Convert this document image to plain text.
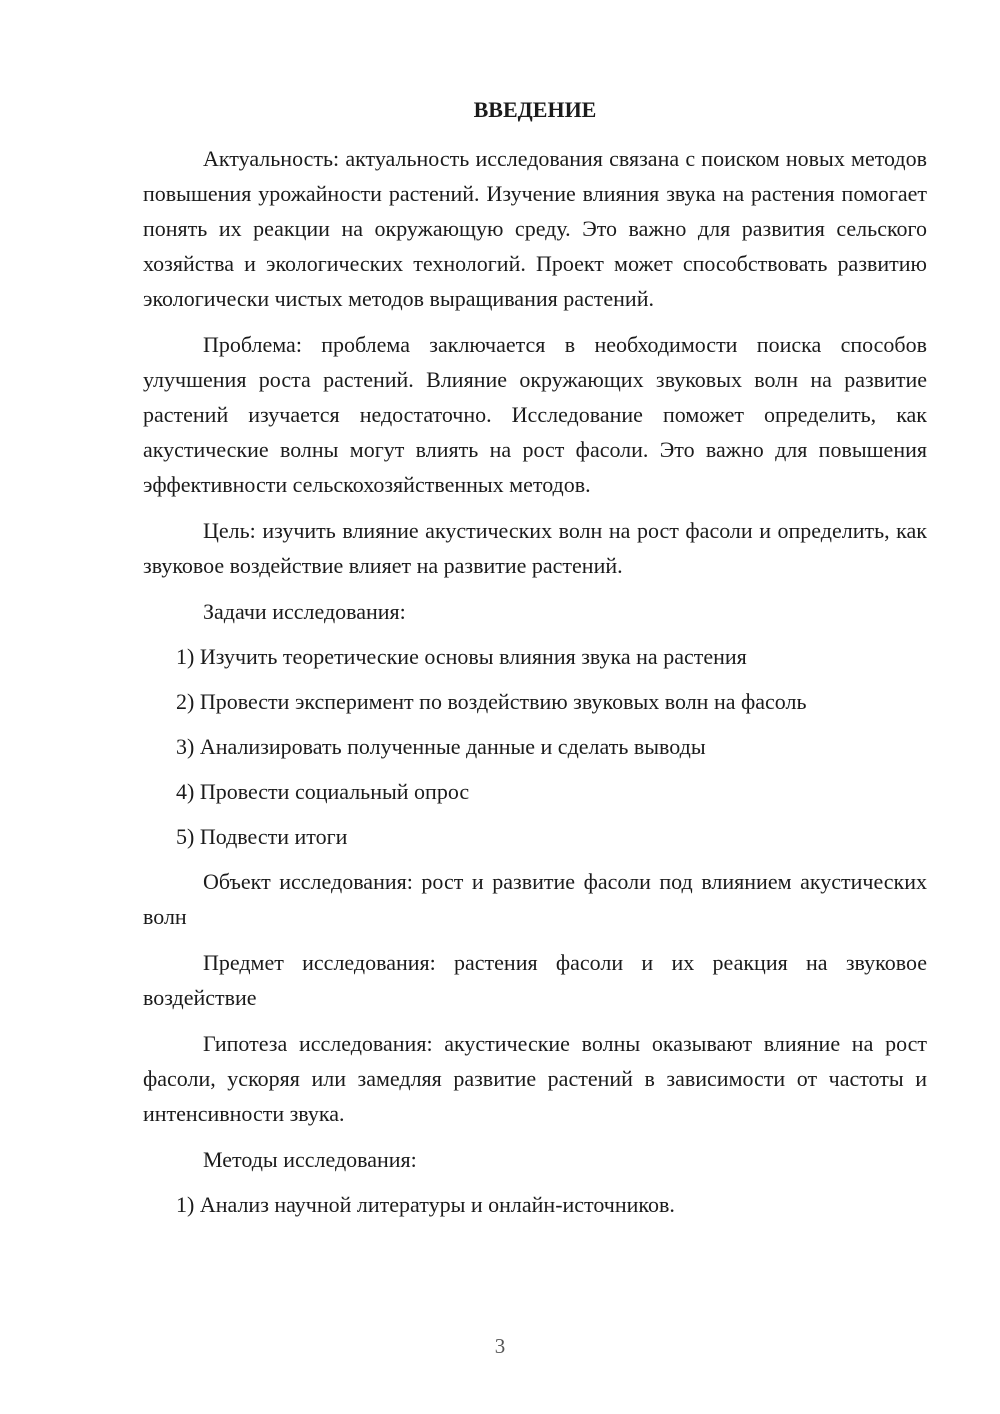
ВВЕДЕНИЕ

Актуальность: актуальность исследования связана с поиском новых методов повышения урожайности растений. Изучение влияния звука на растения помогает понять их реакции на окружающую среду. Это важно для развития сельского хозяйства и экологических технологий. Проект может способствовать развитию экологически чистых методов выращивания растений.

Проблема: проблема заключается в необходимости поиска способов улучшения роста растений. Влияние окружающих звуковых волн на развитие растений изучается недостаточно. Исследование поможет определить, как акустические волны могут влиять на рост фасоли. Это важно для повышения эффективности сельскохозяйственных методов.

Цель: изучить влияние акустических волн на рост фасоли и определить, как звуковое воздействие влияет на развитие растений.

Задачи исследования:

1) Изучить теоретические основы влияния звука на растения

2) Провести эксперимент по воздействию звуковых волн на фасоль

3) Анализировать полученные данные и сделать выводы

4) Провести социальный опрос

5) Подвести итоги

Объект исследования: рост и развитие фасоли под влиянием акустических волн

Предмет исследования: растения фасоли и их реакция на звуковое воздействие

Гипотеза исследования: акустические волны оказывают влияние на рост фасоли, ускоряя или замедляя развитие растений в зависимости от частоты и интенсивности звука.

Методы исследования:

1) Анализ научной литературы и онлайн-источников.

3
